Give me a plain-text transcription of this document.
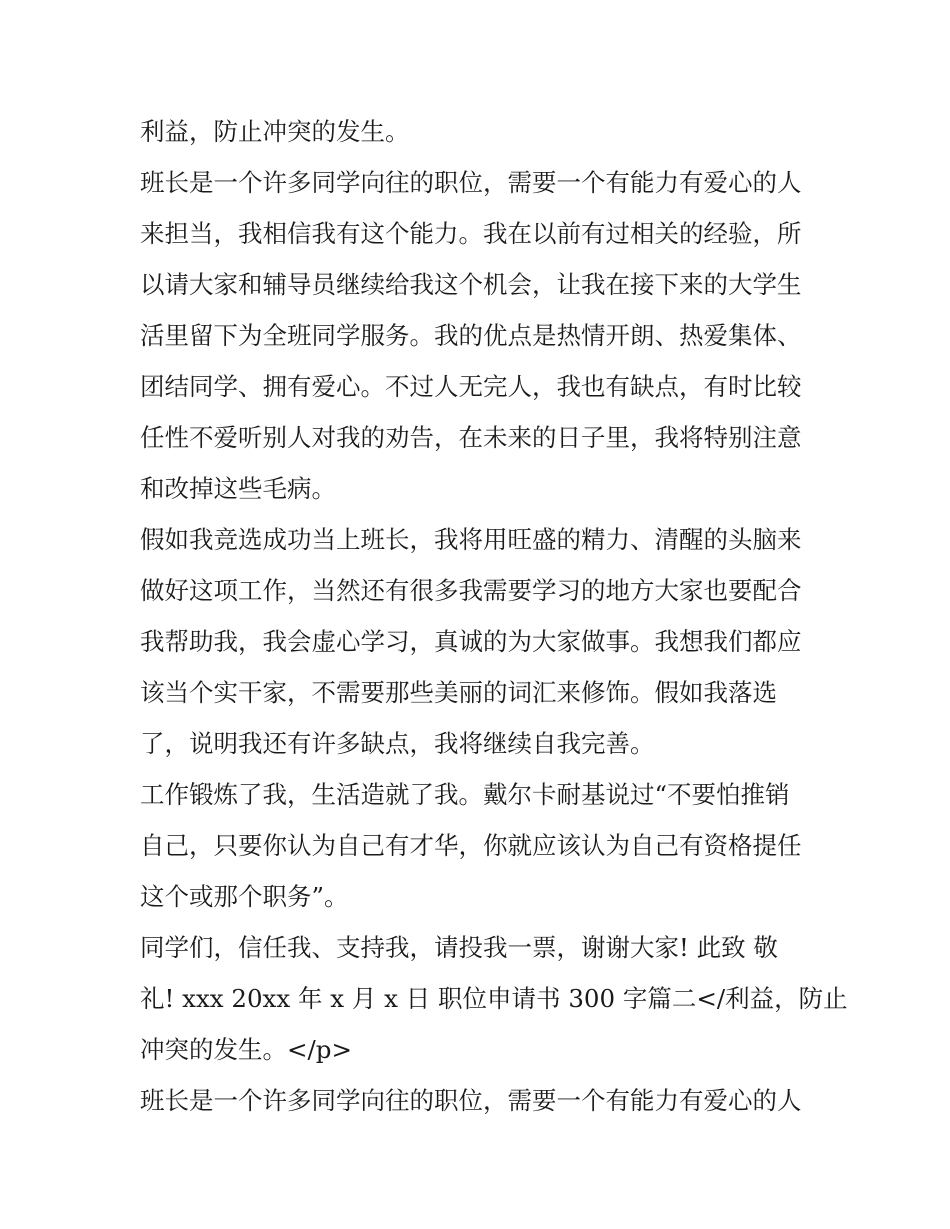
利益，防止冲突的发生。
班长是一个许多同学向往的职位，需要一个有能力有爱心的人
来担当，我相信我有这个能力。我在以前有过相关的经验，所
以请大家和辅导员继续给我这个机会，让我在接下来的大学生
活里留下为全班同学服务。我的优点是热情开朗、热爱集体、
团结同学、拥有爱心。不过人无完人，我也有缺点，有时比较
任性不爱听别人对我的劝告，在未来的日子里，我将特别注意
和改掉这些毛病。
假如我竞选成功当上班长，我将用旺盛的精力、清醒的头脑来
做好这项工作，当然还有很多我需要学习的地方大家也要配合
我帮助我，我会虚心学习，真诚的为大家做事。我想我们都应
该当个实干家，不需要那些美丽的词汇来修饰。假如我落选
了，说明我还有许多缺点，我将继续自我完善。
工作锻炼了我，生活造就了我。戴尔卡耐基说过“不要怕推销
自己，只要你认为自己有才华，你就应该认为自己有资格提任
这个或那个职务”。
同学们，信任我、支持我，请投我一票，谢谢大家! 此致 敬
礼! xxx 20xx 年 x 月 x 日 职位申请书 300 字篇二</利益，防止
冲突的发生。</p>
班长是一个许多同学向往的职位，需要一个有能力有爱心的人
